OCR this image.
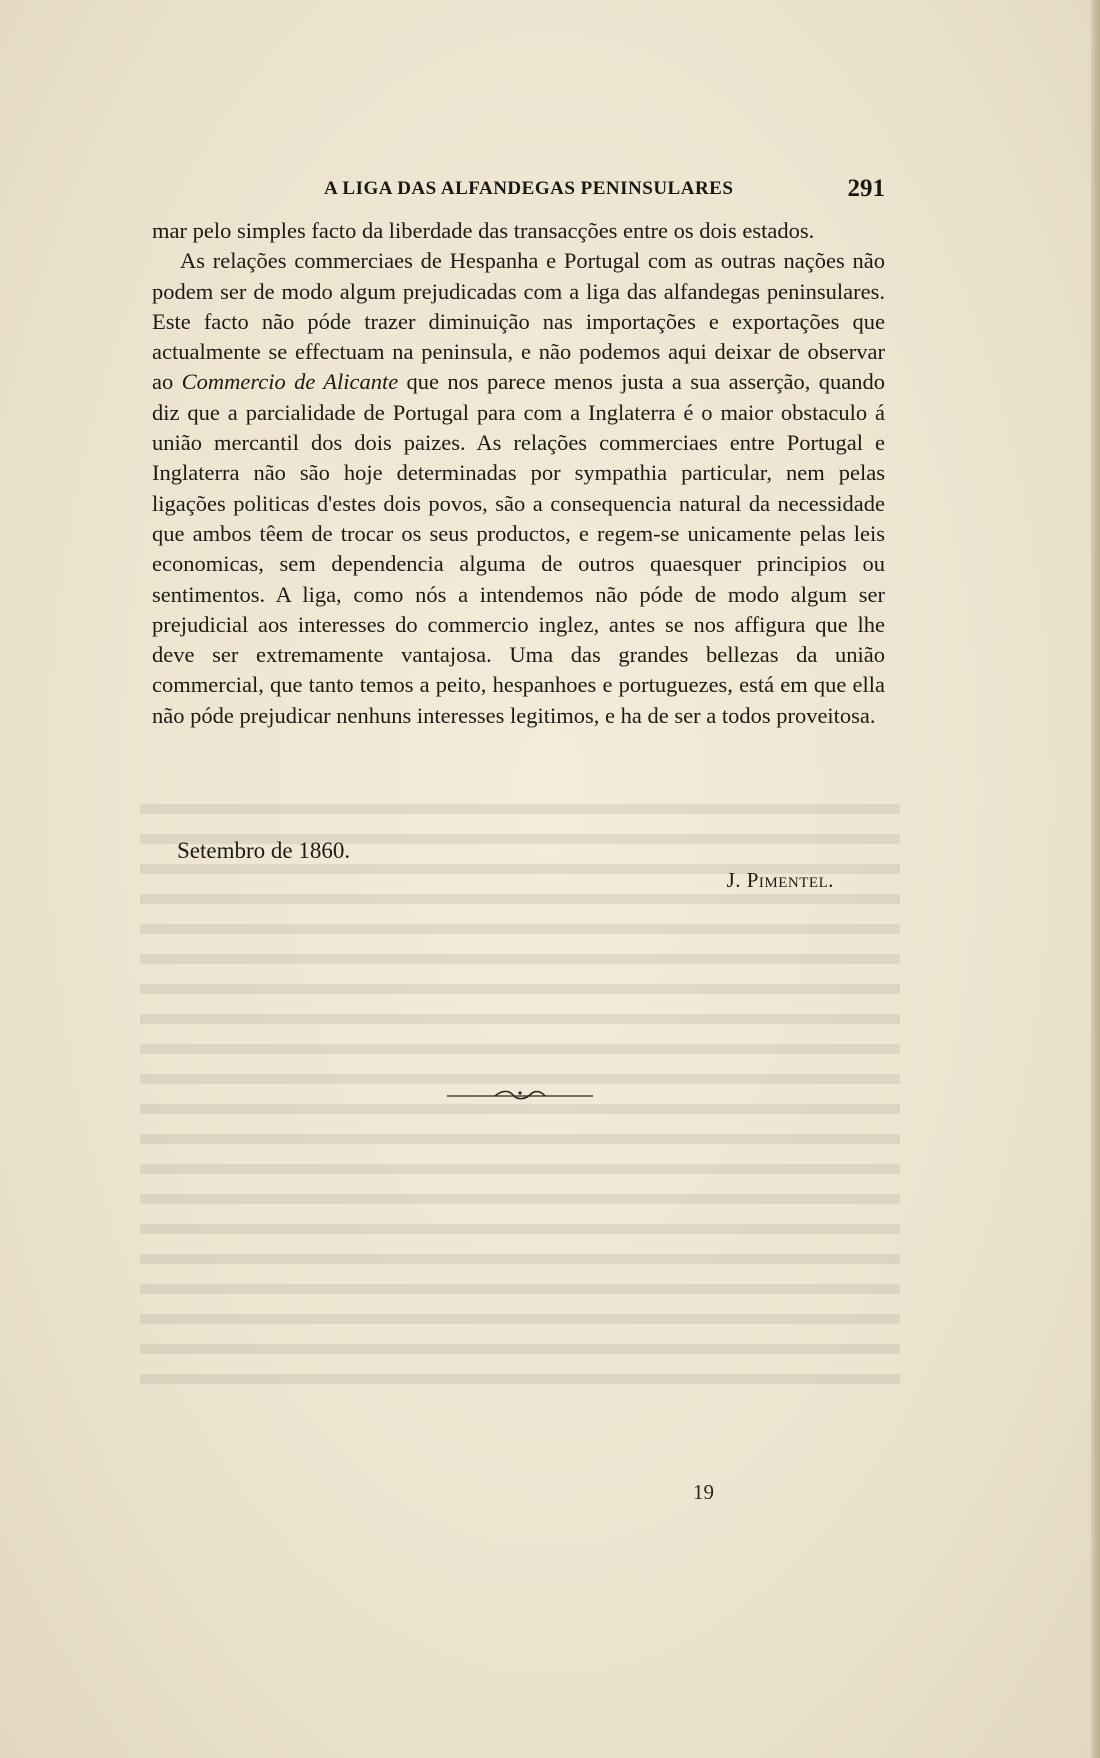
A LIGA DAS ALFANDEGAS PENINSULARES	291

mar pelo simples facto da liberdade das transacções entre os dois estados.

As relações commerciaes de Hespanha e Portugal com as outras nações não podem ser de modo algum prejudicadas com a liga das alfandegas peninsulares. Este facto não póde trazer diminuição nas importações e exportações que actualmente se effectuam na peninsula, e não podemos aqui deixar de observar ao Commercio de Alicante que nos parece menos justa a sua asserção, quando diz que a parcialidade de Portugal para com a Inglaterra é o maior obstaculo á união mercantil dos dois paizes. As relações commerciaes entre Portugal e Inglaterra não são hoje determinadas por sympathia particular, nem pelas ligações politicas d'estes dois povos, são a consequencia natural da necessidade que ambos têem de trocar os seus productos, e regem-se unicamente pelas leis economicas, sem dependencia alguma de outros quaesquer principios ou sentimentos. A liga, como nós a intendemos não póde de modo algum ser prejudicial aos interesses do commercio inglez, antes se nos affigura que lhe deve ser extremamente vantajosa. Uma das grandes bellezas da união commercial, que tanto temos a peito, hespanhoes e portuguezes, está em que ella não póde prejudicar nenhuns interesses legitimos, e ha de ser a todos proveitosa.

Setembro de 1860.
J. Pimentel.
19
